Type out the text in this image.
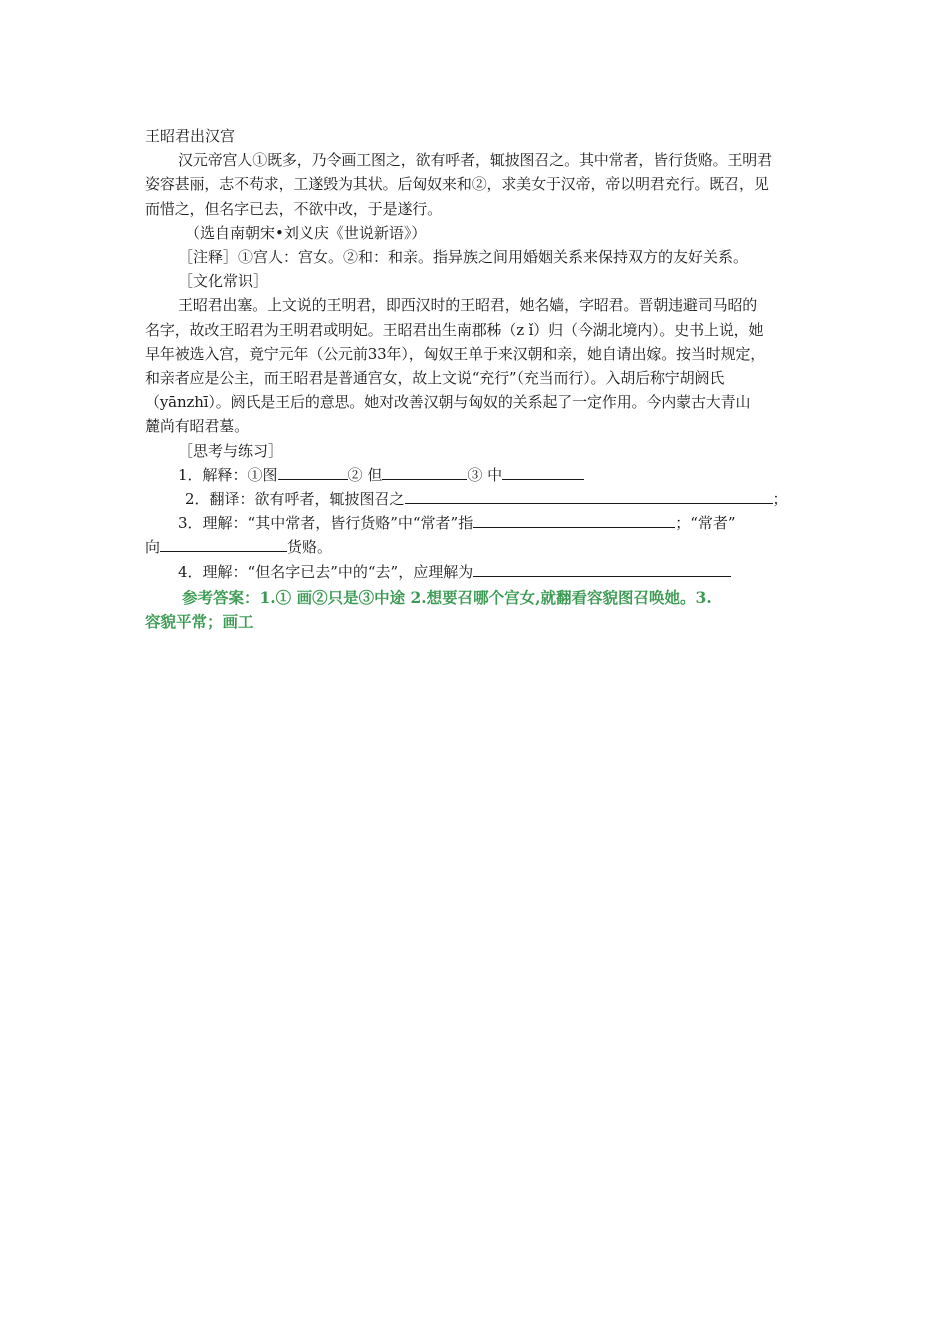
王昭君出汉宫
汉元帝宫人①既多，乃令画工图之，欲有呼者，辄披图召之。其中常者，皆行货赂。王明君
姿容甚丽，志不苟求，工遂毁为其状。后匈奴来和②，求美女于汉帝，帝以明君充行。既召，见
而惜之，但名字已去，不欲中改，于是遂行。
（选自南朝宋•刘义庆《世说新语》）
［注释］①宫人：宫女。②和：和亲。指异族之间用婚姻关系来保持双方的友好关系。
［文化常识］
王昭君出塞。上文说的王明君，即西汉时的王昭君，她名嫱，字昭君。晋朝违避司马昭的
名字，故改王昭君为王明君或明妃。王昭君出生南郡秭（z ǐ）归（今湖北境内）。史书上说，她
早年被选入宫，竟宁元年（公元前33年），匈奴王单于来汉朝和亲，她自请出嫁。按当时规定，
和亲者应是公主，而王昭君是普通宫女，故上文说“充行”（充当而行）。入胡后称宁胡阏氏
（yānzhī）。阏氏是王后的意思。她对改善汉朝与匈奴的关系起了一定作用。今内蒙古大青山
麓尚有昭君墓。
［思考与练习］
1．解释：①图	② 但	③ 中
2．翻译：欲有呼者，辄披图召之	；
3．理解：“其中常者，皆行货赂”中“常者”指	；“常者”
向	货赂。
4．理解：“但名字已去”中的“去”，应理解为
参考答案：1.① 画②只是③中途 2.想要召哪个宫女,就翻看容貌图召唤她。3.
容貌平常；画工
